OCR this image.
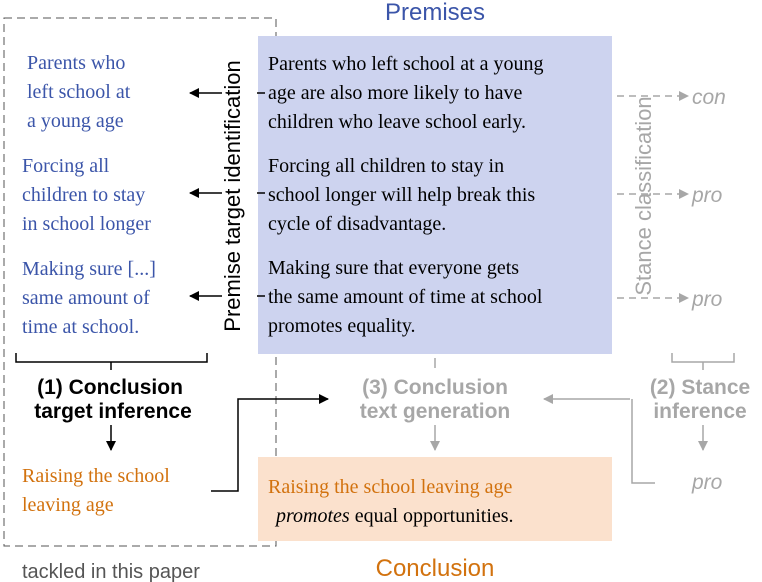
Premises
Conclusion
tackled in this paper
Parents who left school at a young
age are also more likely to have
children who leave school early.
Forcing all children to stay in
school longer will help break this
cycle of disadvantage.
Making sure that everyone gets
the same amount of time at school
promotes equality.
Parents who
left school at
a young age
Forcing all
children to stay
in school longer
Making sure [...]
same amount of
time at school.	Premise target identification	Stance classification con
pro
pro
(1) Conclusion
target inference
(3) Conclusion
text generation
(2) Stance
inference
Raising the school
leaving age
pro
Raising the school leaving age
promotes equal opportunities.
